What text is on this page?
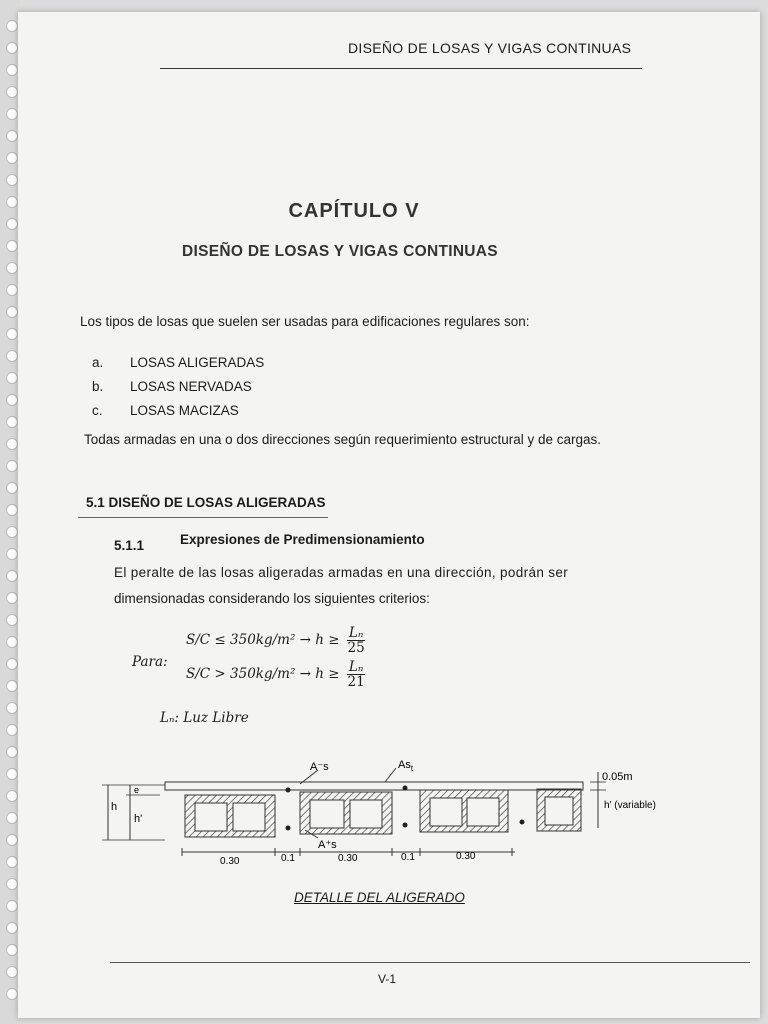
DISEÑO DE LOSAS Y VIGAS CONTINUAS
CAPÍTULO V
DISEÑO DE LOSAS Y VIGAS CONTINUAS
Los tipos de losas que suelen ser usadas para edificaciones regulares son:
a.	LOSAS ALIGERADAS
b.	LOSAS NERVADAS
c.	LOSAS MACIZAS
Todas armadas en una o dos direcciones según requerimiento estructural y de cargas.
5.1 DISEÑO DE LOSAS ALIGERADAS
5.1.1	Expresiones de Predimensionamiento
El peralte de las losas aligeradas armadas en una dirección, podrán ser
dimensionadas considerando los siguientes criterios:
Para:
$S/C \le 350kg/m^2 \to h \ge \frac{\text{Lₙ}}{25}$
$S/C > 350kg/m^2 \to h \ge \frac{\text{Lₙ}}{21}$
Lₙ: Luz Libre
A⁻s	$As_t$
A⁺s
h
e
h'
0.05m
h' (variable)
0.30	0.1	0.30	0.1	0.30
DETALLE DEL ALIGERADO
V-1
